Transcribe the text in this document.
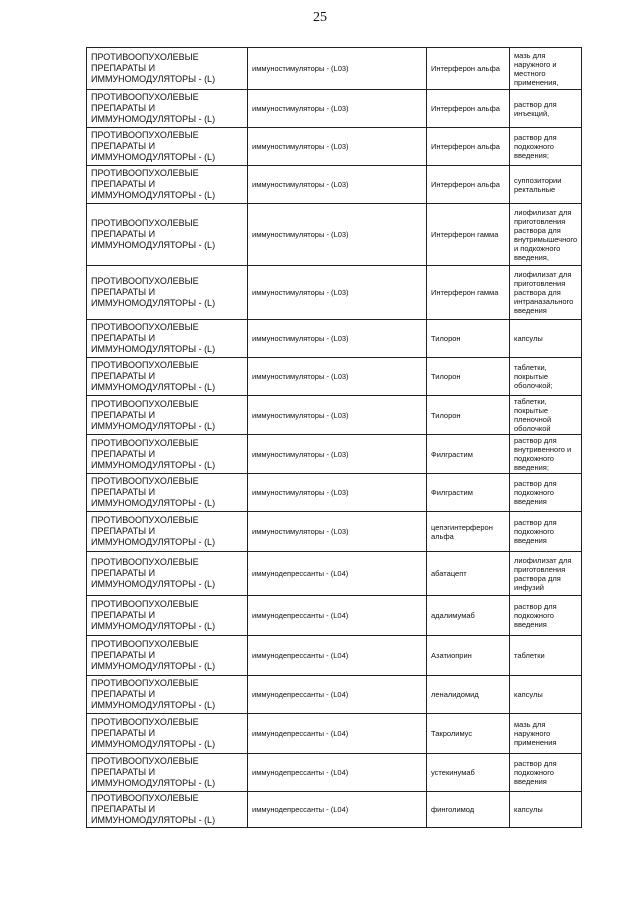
25
ПРОТИВООПУХОЛЕВЫЕ ПРЕПАРАТЫ И ИММУНОМОДУЛЯТОРЫ - (L)	иммуностимуляторы - (L03)	Интерферон альфа	мазь для наружного и местного применения,
ПРОТИВООПУХОЛЕВЫЕ ПРЕПАРАТЫ И ИММУНОМОДУЛЯТОРЫ - (L)	иммуностимуляторы - (L03)	Интерферон альфа	раствор для инъекций,
ПРОТИВООПУХОЛЕВЫЕ ПРЕПАРАТЫ И ИММУНОМОДУЛЯТОРЫ - (L)	иммуностимуляторы - (L03)	Интерферон альфа	раствор для подкожного введения;
ПРОТИВООПУХОЛЕВЫЕ ПРЕПАРАТЫ И ИММУНОМОДУЛЯТОРЫ - (L)	иммуностимуляторы - (L03)	Интерферон альфа	суппозитории ректальные
ПРОТИВООПУХОЛЕВЫЕ ПРЕПАРАТЫ И ИММУНОМОДУЛЯТОРЫ - (L)	иммуностимуляторы - (L03)	Интерферон гамма	лиофилизат для приготовления раствора для внутримышечного и подкожного введения,
ПРОТИВООПУХОЛЕВЫЕ ПРЕПАРАТЫ И ИММУНОМОДУЛЯТОРЫ - (L)	иммуностимуляторы - (L03)	Интерферон гамма	лиофилизат для приготовления раствора для интраназального введения
ПРОТИВООПУХОЛЕВЫЕ ПРЕПАРАТЫ И ИММУНОМОДУЛЯТОРЫ - (L)	иммуностимуляторы - (L03)	Тилорон	капсулы
ПРОТИВООПУХОЛЕВЫЕ ПРЕПАРАТЫ И ИММУНОМОДУЛЯТОРЫ - (L)	иммуностимуляторы - (L03)	Тилорон	таблетки, покрытые оболочкой;
ПРОТИВООПУХОЛЕВЫЕ ПРЕПАРАТЫ И ИММУНОМОДУЛЯТОРЫ - (L)	иммуностимуляторы - (L03)	Тилорон	таблетки, покрытые пленочной оболочкой
ПРОТИВООПУХОЛЕВЫЕ ПРЕПАРАТЫ И ИММУНОМОДУЛЯТОРЫ - (L)	иммуностимуляторы - (L03)	Филграстим	раствор для внутривенного и подкожного введения;
ПРОТИВООПУХОЛЕВЫЕ ПРЕПАРАТЫ И ИММУНОМОДУЛЯТОРЫ - (L)	иммуностимуляторы - (L03)	Филграстим	раствор для подкожного введения
ПРОТИВООПУХОЛЕВЫЕ ПРЕПАРАТЫ И ИММУНОМОДУЛЯТОРЫ - (L)	иммуностимуляторы - (L03)	цепэгинтерферон альфа	раствор для подкожного введения
ПРОТИВООПУХОЛЕВЫЕ ПРЕПАРАТЫ И ИММУНОМОДУЛЯТОРЫ - (L)	иммунодепрессанты - (L04)	абатацепт	лиофилизат для приготовления раствора для инфузий
ПРОТИВООПУХОЛЕВЫЕ ПРЕПАРАТЫ И ИММУНОМОДУЛЯТОРЫ - (L)	иммунодепрессанты - (L04)	адалимумаб	раствор для подкожного введения
ПРОТИВООПУХОЛЕВЫЕ ПРЕПАРАТЫ И ИММУНОМОДУЛЯТОРЫ - (L)	иммунодепрессанты - (L04)	Азатиоприн	таблетки
ПРОТИВООПУХОЛЕВЫЕ ПРЕПАРАТЫ И ИММУНОМОДУЛЯТОРЫ - (L)	иммунодепрессанты - (L04)	леналидомид	капсулы
ПРОТИВООПУХОЛЕВЫЕ ПРЕПАРАТЫ И ИММУНОМОДУЛЯТОРЫ - (L)	иммунодепрессанты - (L04)	Такролимус	мазь для наружного применения
ПРОТИВООПУХОЛЕВЫЕ ПРЕПАРАТЫ И ИММУНОМОДУЛЯТОРЫ - (L)	иммунодепрессанты - (L04)	устекинумаб	раствор для подкожного введения
ПРОТИВООПУХОЛЕВЫЕ ПРЕПАРАТЫ И ИММУНОМОДУЛЯТОРЫ - (L)	иммунодепрессанты - (L04)	финголимод	капсулы
